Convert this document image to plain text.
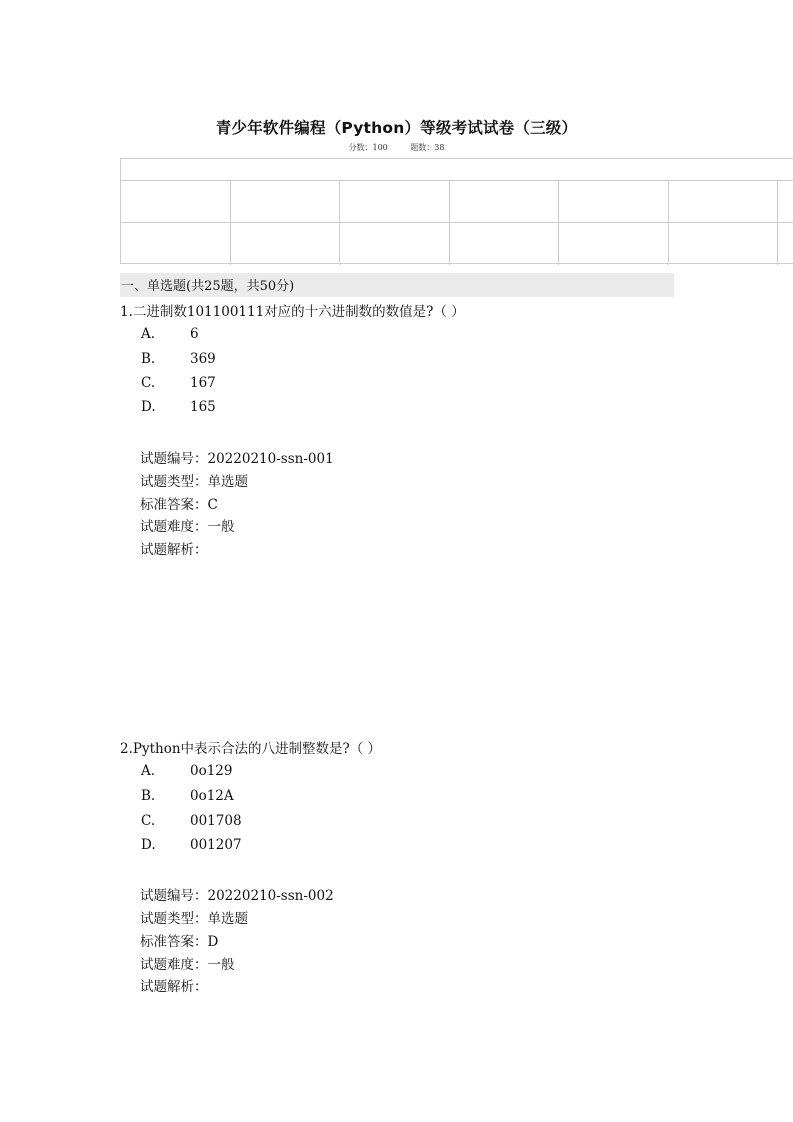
青少年软件编程（Python）等级考试试卷（三级）
分数：100	题数：38
一、单选题(共25题，共50分)
1.二进制数101100111对应的十六进制数的数值是?（ ）
A.	6
B.	369
C.	167
D.	165
试题编号：20220210-ssn-001
试题类型：单选题
标准答案：C
试题难度：一般
试题解析：
2.Python中表示合法的八进制整数是?（ ）
A.	0o129
B.	0o12A
C.	001708
D.	001207
试题编号：20220210-ssn-002
试题类型：单选题
标准答案：D
试题难度：一般
试题解析：
